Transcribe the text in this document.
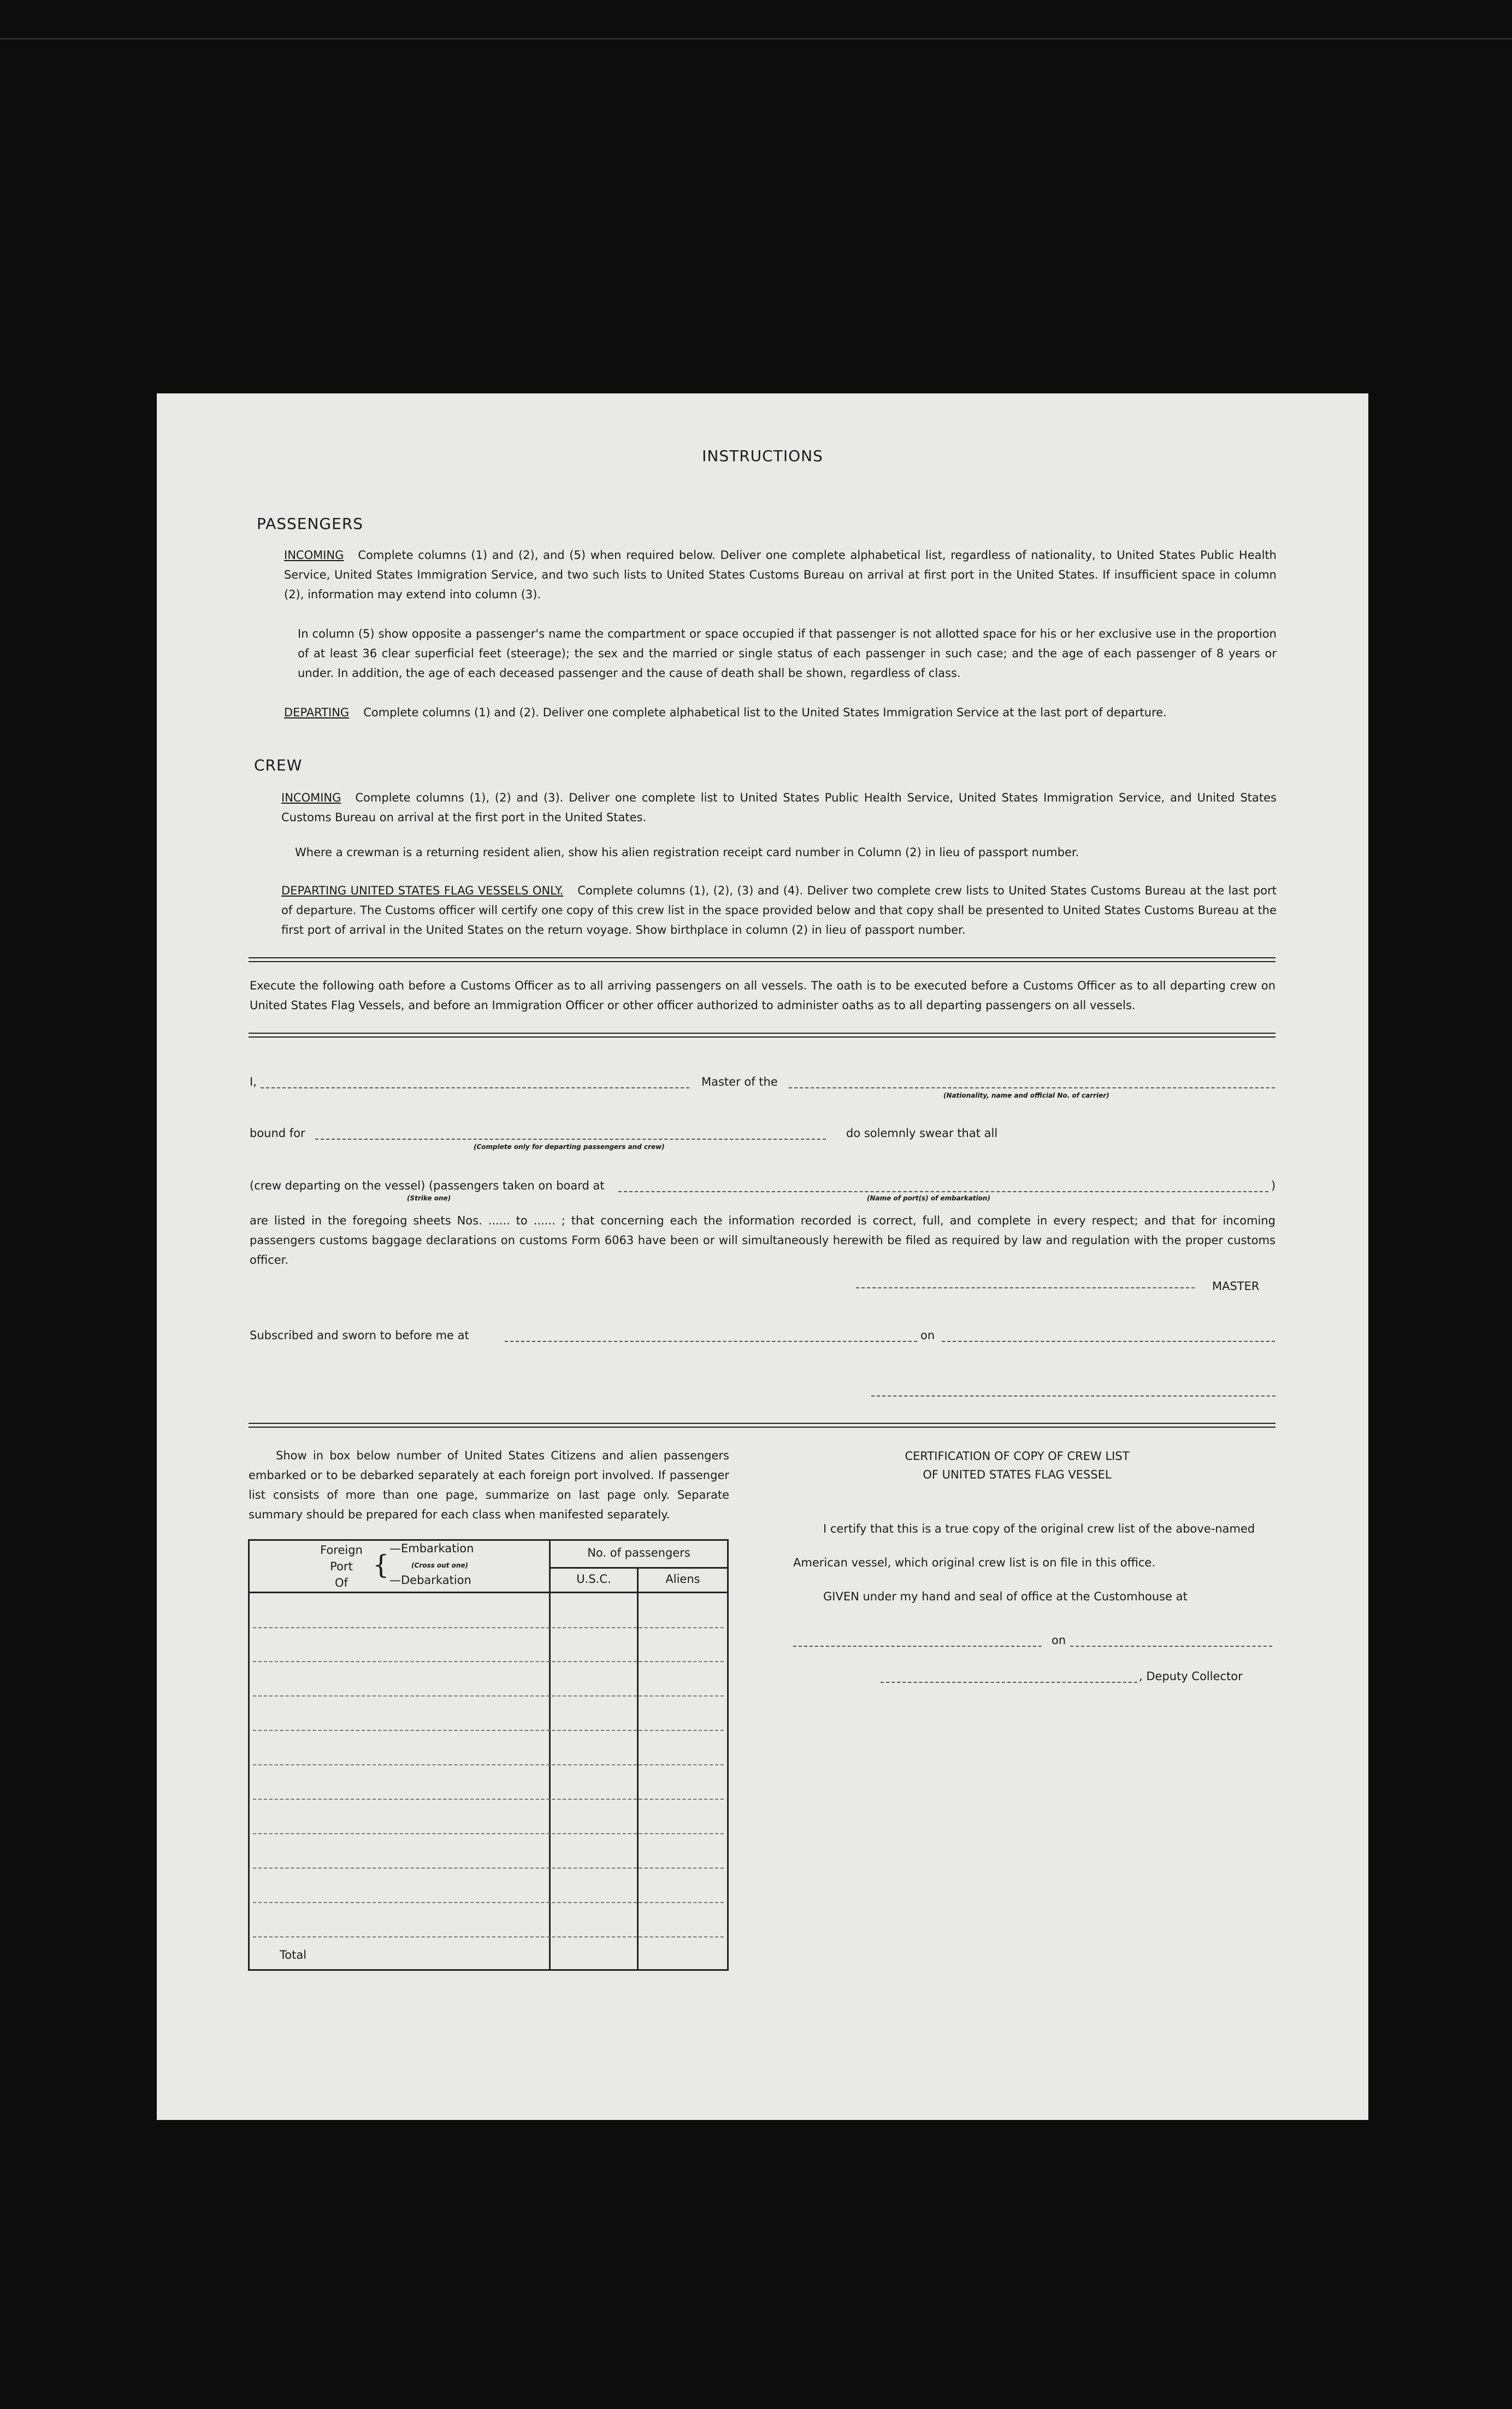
INSTRUCTIONS
PASSENGERS
INCOMING Complete columns (1) and (2), and (5) when required below. Deliver one complete alphabetical list, regardless of nationality, to United States Public Health Service, United States Immigration Service, and two such lists to United States Customs Bureau on arrival at first port in the United States. If insufficient space in column (2), information may extend into column (3).
In column (5) show opposite a passenger's name the compartment or space occupied if that passenger is not allotted space for his or her exclusive use in the proportion of at least 36 clear superficial feet (steerage); the sex and the married or single status of each passenger in such case; and the age of each passenger of 8 years or under. In addition, the age of each deceased passenger and the cause of death shall be shown, regardless of class.
DEPARTING Complete columns (1) and (2). Deliver one complete alphabetical list to the United States Immigration Service at the last port of departure.
CREW
INCOMING Complete columns (1), (2) and (3). Deliver one complete list to United States Public Health Service, United States Immigration Service, and United States Customs Bureau on arrival at the first port in the United States.
Where a crewman is a returning resident alien, show his alien registration receipt card number in Column (2) in lieu of passport number.
DEPARTING UNITED STATES FLAG VESSELS ONLY. Complete columns (1), (2), (3) and (4). Deliver two complete crew lists to United States Customs Bureau at the last port of departure. The Customs officer will certify one copy of this crew list in the space provided below and that copy shall be presented to United States Customs Bureau at the first port of arrival in the United States on the return voyage. Show birthplace in column (2) in lieu of passport number.
Execute the following oath before a Customs Officer as to all arriving passengers on all vessels. The oath is to be executed before a Customs Officer as to all departing crew on United States Flag Vessels, and before an Immigration Officer or other officer authorized to administer oaths as to all departing passengers on all vessels.
I,	Master of the
(Nationality, name and official No. of carrier)
bound for	do solemnly swear that all
(Complete only for departing passengers and crew)
(crew departing on the vessel) (passengers taken on board at	)
(Strike one)	(Name of port(s) of embarkation)
are listed in the foregoing sheets Nos. ...... to ...... ; that concerning each the information recorded is correct, full, and complete in every respect; and that for incoming passengers customs baggage declarations on customs Form 6063 have been or will simultaneously herewith be filed as required by law and regulation with the proper customs officer.
MASTER
Subscribed and sworn to before me at	on
Show in box below number of United States Citizens and alien passengers embarked or to be debarked separately at each foreign port involved. If passenger list consists of more than one page, summarize on last page only. Separate summary should be prepared for each class when manifested separately.
Foreign
Port
Of
{
—Embarkation
(Cross out one)
—Debarkation
No. of passengers
U.S.C.	Aliens
Total
CERTIFICATION OF COPY OF CREW LIST
OF UNITED STATES FLAG VESSEL
I certify that this is a true copy of the original crew list of the above-named
American vessel, which original crew list is on file in this office.
GIVEN under my hand and seal of office at the Customhouse at
on
, Deputy Collector
